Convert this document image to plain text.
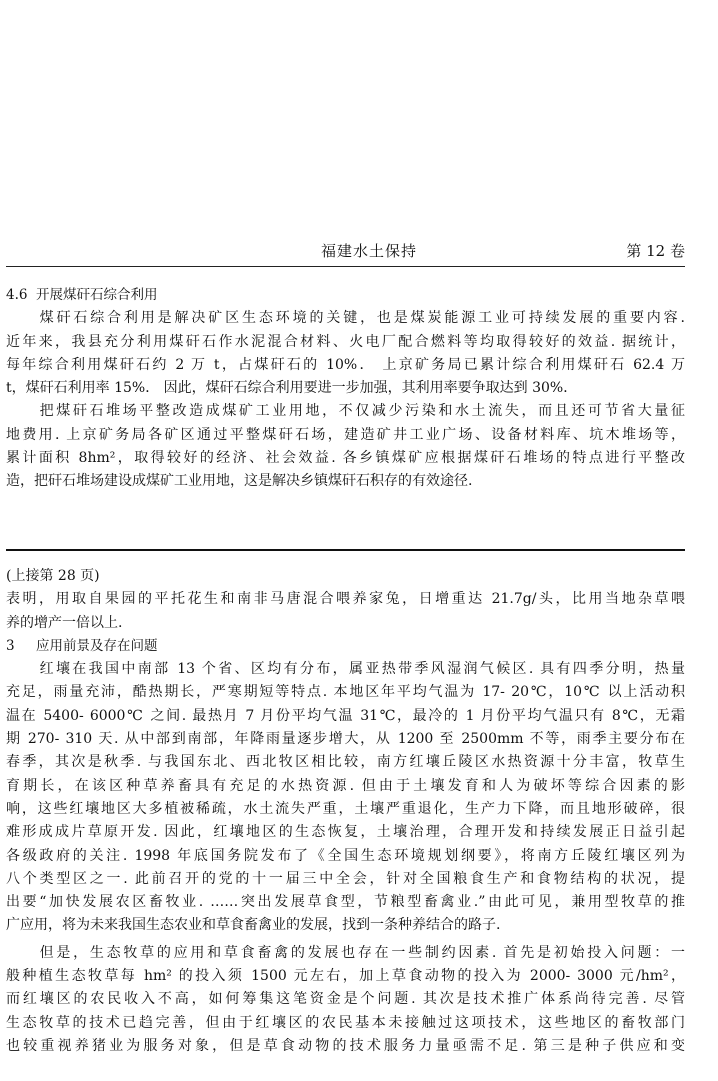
福建水土保持	第 12 卷
4.6 开展煤矸石综合利用

煤矸石综合利用是解决矿区生态环境的关键，也是煤炭能源工业可持续发展的重要内容.

近年来，我县充分利用煤矸石作水泥混合材料、火电厂配合燃料等均取得较好的效益. 据统计，

每年综合利用煤矸石约 2 万 t，占煤矸石的 10%． 上京矿务局已累计综合利用煤矸石 62.4 万

t，煤矸石利用率 15%． 因此，煤矸石综合利用要进一步加强，其利用率要争取达到 30%．

把煤矸石堆场平整改造成煤矿工业用地，不仅减少污染和水土流失，而且还可节省大量征

地费用. 上京矿务局各矿区通过平整煤矸石场，建造矿井工业广场、设备材料库、坑木堆场等，

累计面积 8hm²，取得较好的经济、社会效益. 各乡镇煤矿应根据煤矸石堆场的特点进行平整改

造，把矸石堆场建设成煤矿工业用地，这是解决乡镇煤矸石积存的有效途径.

(上接第 28 页)

表明，用取自果园的平托花生和南非马唐混合喂养家兔，日增重达 21.7g/头，比用当地杂草喂

养的增产一倍以上.

3 应用前景及存在问题

红壤在我国中南部 13 个省、区均有分布，属亚热带季风湿润气候区. 具有四季分明，热量

充足，雨量充沛，酷热期长，严寒期短等特点. 本地区年平均气温为 17- 20℃，10℃ 以上活动积

温在 5400- 6000℃ 之间. 最热月 7 月份平均气温 31℃，最冷的 1 月份平均气温只有 8℃，无霜

期 270- 310 天. 从中部到南部，年降雨量逐步增大，从 1200 至 2500mm 不等，雨季主要分布在

春季，其次是秋季. 与我国东北、西北牧区相比较，南方红壤丘陵区水热资源十分丰富，牧草生

育期长，在该区种草养畜具有充足的水热资源. 但由于土壤发育和人为破坏等综合因素的影

响，这些红壤地区大多植被稀疏，水土流失严重，土壤严重退化，生产力下降，而且地形破碎，很

难形成成片草原开发. 因此，红壤地区的生态恢复，土壤治理，合理开发和持续发展正日益引起

各级政府的关注. 1998 年底国务院发布了《全国生态环境规划纲要》，将南方丘陵红壤区列为

八个类型区之一. 此前召开的党的十一届三中全会，针对全国粮食生产和食物结构的状况，提

出要“加快发展农区畜牧业. ……突出发展草食型，节粮型畜禽业.”由此可见，兼用型牧草的推

广应用，将为未来我国生态农业和草食畜禽业的发展，找到一条种养结合的路子.

但是，生态牧草的应用和草食畜禽的发展也存在一些制约因素. 首先是初始投入问题：一

般种植生态牧草每 hm² 的投入须 1500 元左右，加上草食动物的投入为 2000- 3000 元/hm²，

而红壤区的农民收入不高，如何筹集这笔资金是个问题. 其次是技术推广体系尚待完善. 尽管

生态牧草的技术已趋完善，但由于红壤区的农民基本未接触过这项技术，这些地区的畜牧部门

也较重视养猪业为服务对象，但是草食动物的技术服务力量亟需不足. 第三是种子供应和变
